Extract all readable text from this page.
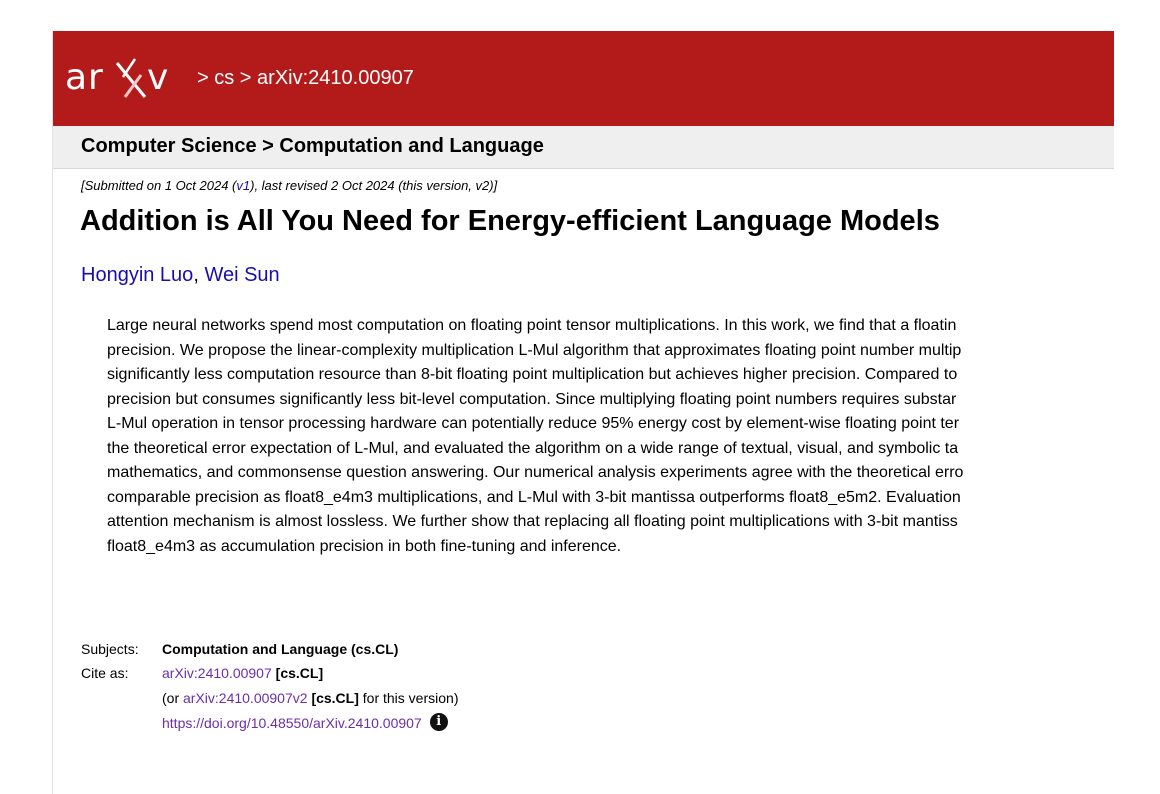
ar v > cs > arXiv:2410.00907
Computer Science > Computation and Language
[Submitted on 1 Oct 2024 (v1), last revised 2 Oct 2024 (this version, v2)]
Addition is All You Need for Energy-efficient Language Models
Hongyin Luo, Wei Sun
Large neural networks spend most computation on floating point tensor multiplications. In this work, we find that a floatin
precision. We propose the linear-complexity multiplication L-Mul algorithm that approximates floating point number multip
significantly less computation resource than 8-bit floating point multiplication but achieves higher precision. Compared to
precision but consumes significantly less bit-level computation. Since multiplying floating point numbers requires substar
L-Mul operation in tensor processing hardware can potentially reduce 95% energy cost by element-wise floating point ter
the theoretical error expectation of L-Mul, and evaluated the algorithm on a wide range of textual, visual, and symbolic ta
mathematics, and commonsense question answering. Our numerical analysis experiments agree with the theoretical erro
comparable precision as float8_e4m3 multiplications, and L-Mul with 3-bit mantissa outperforms float8_e5m2. Evaluation
attention mechanism is almost lossless. We further show that replacing all floating point multiplications with 3-bit mantiss
float8_e4m3 as accumulation precision in both fine-tuning and inference.
Subjects: Computation and Language (cs.CL)
Cite as: arXiv:2410.00907 [cs.CL]
(or arXiv:2410.00907v2 [cs.CL] for this version)
https://doi.org/10.48550/arXiv.2410.00907 i
